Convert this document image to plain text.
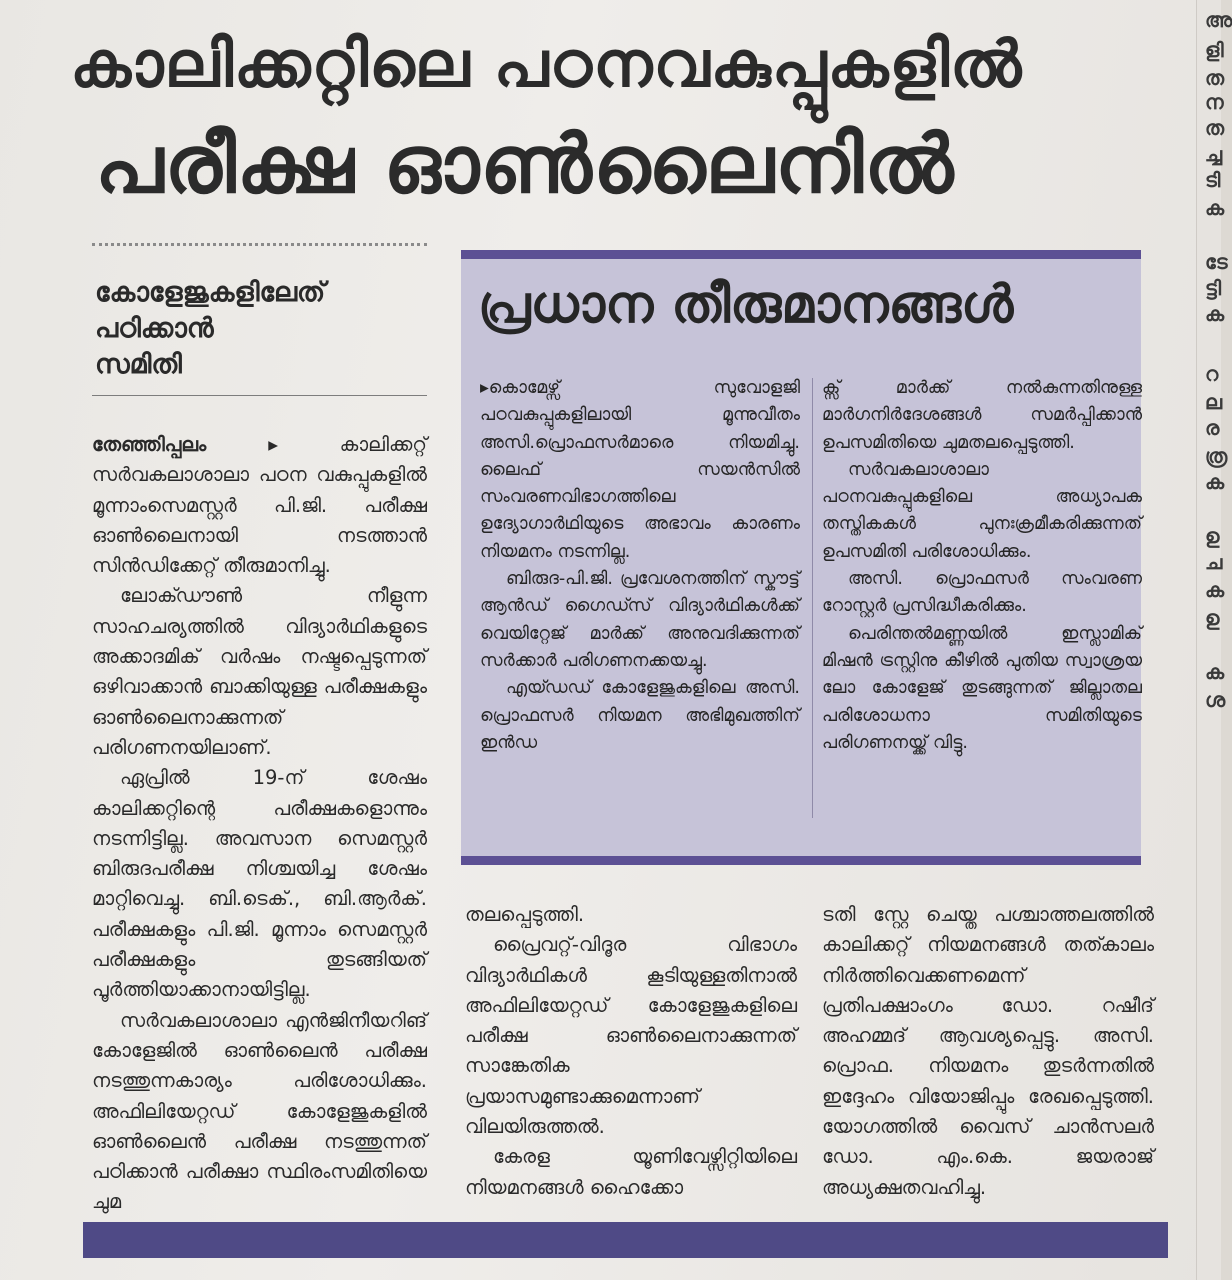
കാലിക്കറ്റിലെ പഠനവകുപ്പുകളിൽ
പരീക്ഷ ഓൺലൈനിൽ
കോളേജുകളിലേത്
പഠിക്കാൻ
സമിതി

തേഞ്ഞിപ്പലം ▸	കാലിക്കറ്റ് സർവകലാശാലാ പഠന വകുപ്പുകളിൽ മൂന്നാംസെമസ്റ്റർ പി.ജി. പരീക്ഷ ഓൺലൈനായി നടത്താൻ സിൻഡിക്കേറ്റ് തീരുമാനിച്ചു.

ലോക്ഡൗൺ നീളുന്ന സാഹചര്യത്തിൽ വിദ്യാർഥികളുടെ അക്കാദമിക് വർഷം നഷ്ടപ്പെടുന്നത് ഒഴിവാക്കാൻ ബാക്കിയുള്ള പരീക്ഷകളും ഓൺലൈനാക്കുന്നത് പരിഗണനയിലാണ്.

ഏപ്രിൽ 19-ന് ശേഷം കാലിക്കറ്റിന്റെ പരീക്ഷകളൊന്നും നടന്നിട്ടില്ല. അവസാന സെമസ്റ്റർ ബിരുദപരീക്ഷ നിശ്ചയിച്ച ശേഷം മാറ്റിവെച്ചു. ബി.ടെക്., ബി.ആർക്. പരീക്ഷകളും പി.ജി. മൂന്നാം സെമസ്റ്റർ പരീക്ഷകളും തുടങ്ങിയത് പൂർത്തിയാക്കാനായിട്ടില്ല.

സർവകലാശാലാ എൻജിനീയറിങ് കോളേജിൽ ഓൺലൈൻ പരീക്ഷ നടത്തുന്നകാര്യം പരിശോധിക്കും. അഫിലിയേറ്റഡ് കോളേജുകളിൽ ഓൺലൈൻ പരീക്ഷ നടത്തുന്നത് പഠിക്കാൻ പരീക്ഷാ സ്ഥിരംസമിതിയെ ചുമ

പ്രധാന തീരുമാനങ്ങൾ

▸കൊമേഴ്സ് സുവോളജി പഠവകുപ്പുകളിലായി മൂന്നുവീതം അസി.പ്രൊഫസർമാരെ നിയമിച്ചു. ലൈഫ് സയൻസിൽ സംവരണവിഭാഗത്തിലെ ഉദ്യോഗാർഥിയുടെ അഭാവം കാരണം നിയമനം നടന്നില്ല.

ബിരുദ-പി.ജി. പ്രവേശനത്തിന് സ്കൗട്ട് ആൻഡ് ഗൈഡ്സ് വിദ്യാർഥികൾക്ക് വെയിറ്റേജ് മാർക്ക് അനുവദിക്കുന്നത് സർക്കാർ പരിഗണനക്കയച്ചു.

എയ്ഡഡ് കോളേജുകളിലെ അസി. പ്രൊഫസർ നിയമന അഭിമുഖത്തിന് ഇൻഡ

ക്സ് മാർക്ക് നൽകുന്നതിനുള്ള മാർഗനിർദേശങ്ങൾ സമർപ്പിക്കാൻ ഉപസമിതിയെ ചുമതലപ്പെടുത്തി.

സർവകലാശാലാ പഠനവകുപ്പുകളിലെ അധ്യാപക തസ്തികകൾ പുനഃക്രമീകരിക്കുന്നത് ഉപസമിതി പരിശോധിക്കും.

അസി. പ്രൊഫസർ സംവരണ റോസ്റ്റർ പ്രസിദ്ധീകരിക്കും.

പെരിന്തൽമണ്ണയിൽ ഇസ്ലാമിക് മിഷൻ ട്രസ്റ്റിനു കീഴിൽ പുതിയ സ്വാശ്രയ ലോ കോളേജ് തുടങ്ങുന്നത് ജില്ലാതല പരിശോധനാ സമിതിയുടെ പരിഗണനയ്ക്ക് വിട്ടു.

തലപ്പെടുത്തി.

പ്രൈവറ്റ്-വിദൂര വിഭാഗം വിദ്യാർഥികൾ കൂടിയുള്ളതിനാൽ അഫിലിയേറ്റഡ് കോളേജുകളിലെ പരീക്ഷ ഓൺലൈനാക്കുന്നത് സാങ്കേതിക പ്രയാസമുണ്ടാക്കുമെന്നാണ് വിലയിരുത്തൽ.

കേരള യൂണിവേഴ്സിറ്റിയിലെ നിയമനങ്ങൾ ഹൈക്കോ

ടതി സ്റ്റേ ചെയ്ത പശ്ചാത്തലത്തിൽ കാലിക്കറ്റ് നിയമനങ്ങൾ തത്കാലം നിർത്തിവെക്കണമെന്ന് പ്രതിപക്ഷാംഗം ഡോ. റഷീദ് അഹമ്മദ് ആവശ്യപ്പെട്ടു. അസി. പ്രൊഫ. നിയമനം തുടർന്നതിൽ ഇദ്ദേഹം വിയോജിപ്പും രേഖപ്പെടുത്തി. യോഗത്തിൽ വൈസ് ചാൻസലർ ഡോ. എം.കെ. ജയരാജ് അധ്യക്ഷതവഹിച്ചു.

അ
ളി
ത
ന
ത
ച്ച
ടി
ക
ടേ
ട്ടി
ക
റ
ല
ര
ത്ര
ക
ഉ
ച
ക
ഉ
ക
ശ
